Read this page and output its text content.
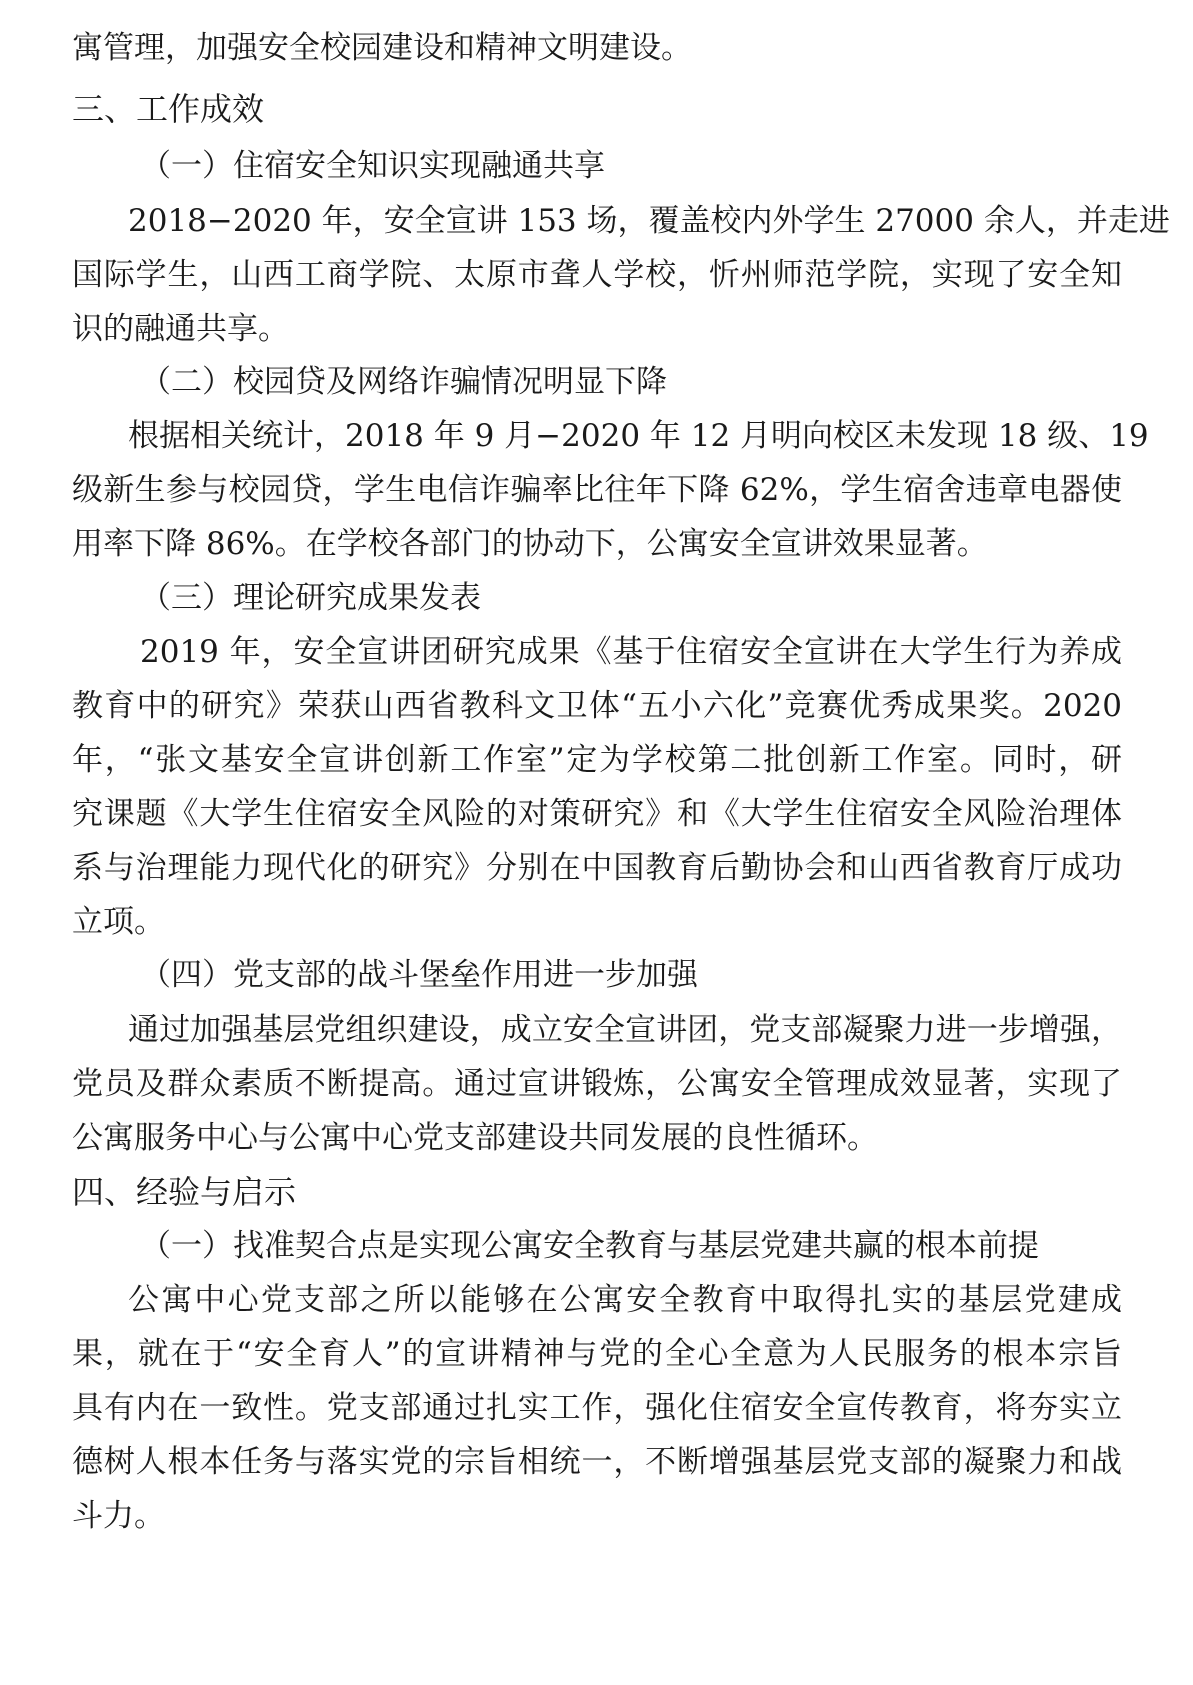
寓管理，加强安全校园建设和精神文明建设。
三、工作成效
（一）住宿安全知识实现融通共享
2018−2020 年，安全宣讲 153 场，覆盖校内外学生 27000 余人，并走进
国际学生，山西工商学院、太原市聋人学校，忻州师范学院，实现了安全知
识的融通共享。
（二）校园贷及网络诈骗情况明显下降
根据相关统计，2018 年 9 月−2020 年 12 月明向校区未发现 18 级、19
级新生参与校园贷，学生电信诈骗率比往年下降 62%，学生宿舍违章电器使
用率下降 86%。在学校各部门的协动下，公寓安全宣讲效果显著。
（三）理论研究成果发表
2019 年，安全宣讲团研究成果《基于住宿安全宣讲在大学生行为养成
教育中的研究》荣获山西省教科文卫体“五小六化”竞赛优秀成果奖。2020
年，“张文基安全宣讲创新工作室”定为学校第二批创新工作室。同时，研
究课题《大学生住宿安全风险的对策研究》和《大学生住宿安全风险治理体
系与治理能力现代化的研究》分别在中国教育后勤协会和山西省教育厅成功
立项。
（四）党支部的战斗堡垒作用进一步加强
通过加强基层党组织建设，成立安全宣讲团，党支部凝聚力进一步增强，
党员及群众素质不断提高。通过宣讲锻炼，公寓安全管理成效显著，实现了
公寓服务中心与公寓中心党支部建设共同发展的良性循环。
四、经验与启示
（一）找准契合点是实现公寓安全教育与基层党建共赢的根本前提
公寓中心党支部之所以能够在公寓安全教育中取得扎实的基层党建成
果，就在于“安全育人”的宣讲精神与党的全心全意为人民服务的根本宗旨
具有内在一致性。党支部通过扎实工作，强化住宿安全宣传教育，将夯实立
德树人根本任务与落实党的宗旨相统一，不断增强基层党支部的凝聚力和战
斗力。
